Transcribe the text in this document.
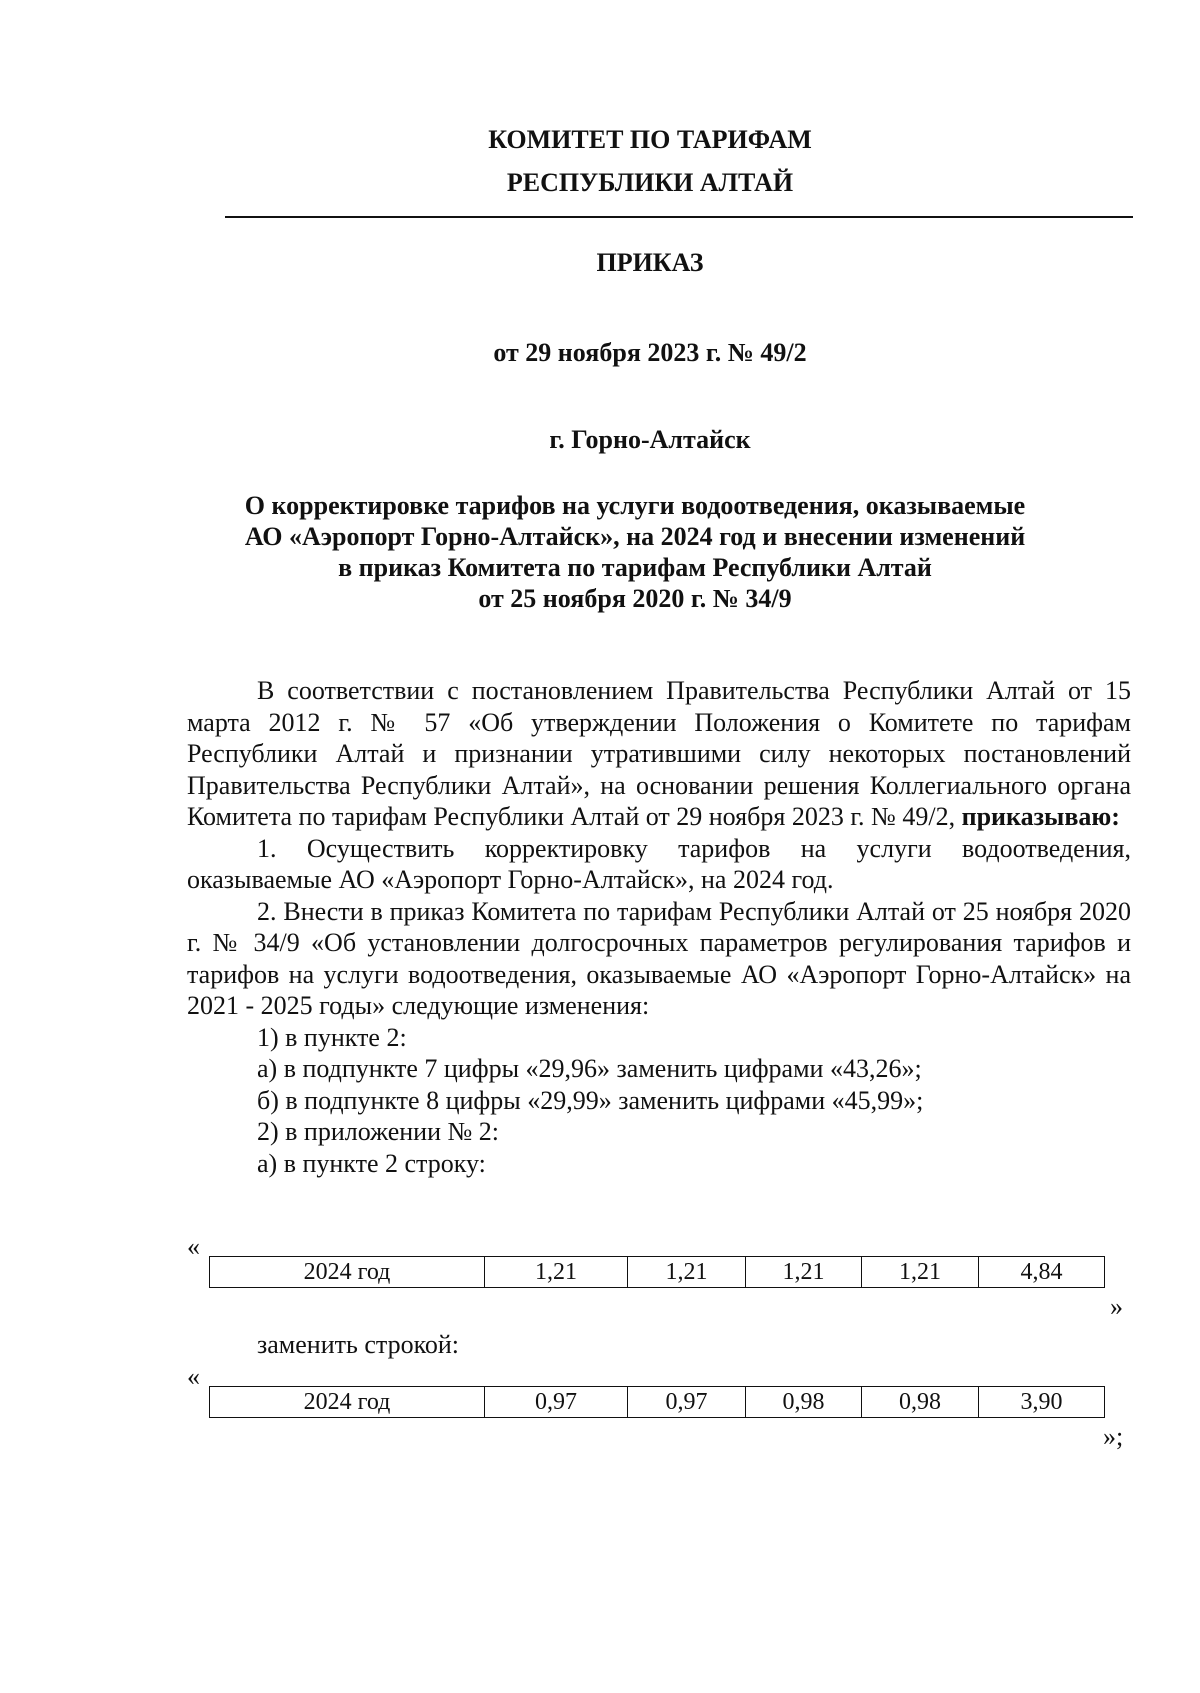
КОМИТЕТ ПО ТАРИФАМ
РЕСПУБЛИКИ АЛТАЙ
ПРИКАЗ
от 29 ноября 2023 г. № 49/2
г. Горно-Алтайск
О корректировке тарифов на услуги водоотведения, оказываемые
АО «Аэропорт Горно-Алтайск», на 2024 год и внесении изменений
в приказ Комитета по тарифам Республики Алтай
от 25 ноября 2020 г. № 34/9

В соответствии с постановлением Правительства Республики Алтай от 15 марта 2012 г. № 57 «Об утверждении Положения о Комитете по тарифам Республики Алтай и признании утратившими силу некоторых постановлений Правительства Республики Алтай», на основании решения Коллегиального органа Комитета по тарифам Республики Алтай от 29 ноября 2023 г. № 49/2, приказываю:

1. Осуществить корректировку тарифов на услуги водоотведения, оказываемые АО «Аэропорт Горно-Алтайск», на 2024 год.

2. Внести в приказ Комитета по тарифам Республики Алтай от 25 ноября 2020 г. № 34/9 «Об установлении долгосрочных параметров регулирования тарифов и тарифов на услуги водоотведения, оказываемые АО «Аэропорт Горно-Алтайск» на 2021 - 2025 годы» следующие изменения:

1) в пункте 2:

а) в подпункте 7 цифры «29,96» заменить цифрами «43,26»;

б) в подпункте 8 цифры «29,99» заменить цифрами «45,99»;

2) в приложении № 2:

а) в пункте 2 строку:

«
2024 год	1,21	1,21	1,21	1,21	4,84
»
заменить строкой:
«
2024 год	0,97	0,97	0,98	0,98	3,90
»;
